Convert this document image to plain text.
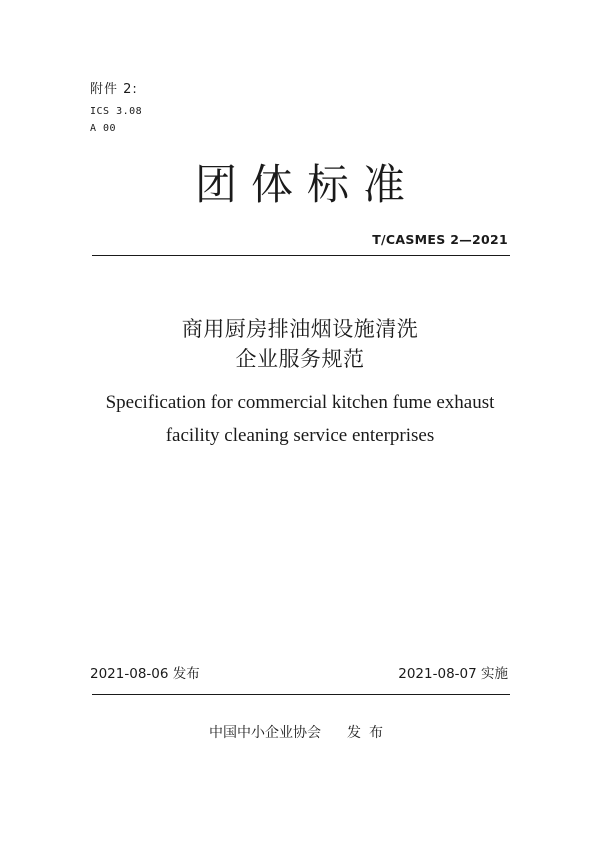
附件 2:
ICS 3.08
A 00
团体标准
T/CASMES 2—2021
商用厨房排油烟设施清洗
企业服务规范
Specification for commercial kitchen fume exhaust
facility cleaning service enterprises
2021-08-06 发布	2021-08-07 实施
中国中小企业协会 发布
